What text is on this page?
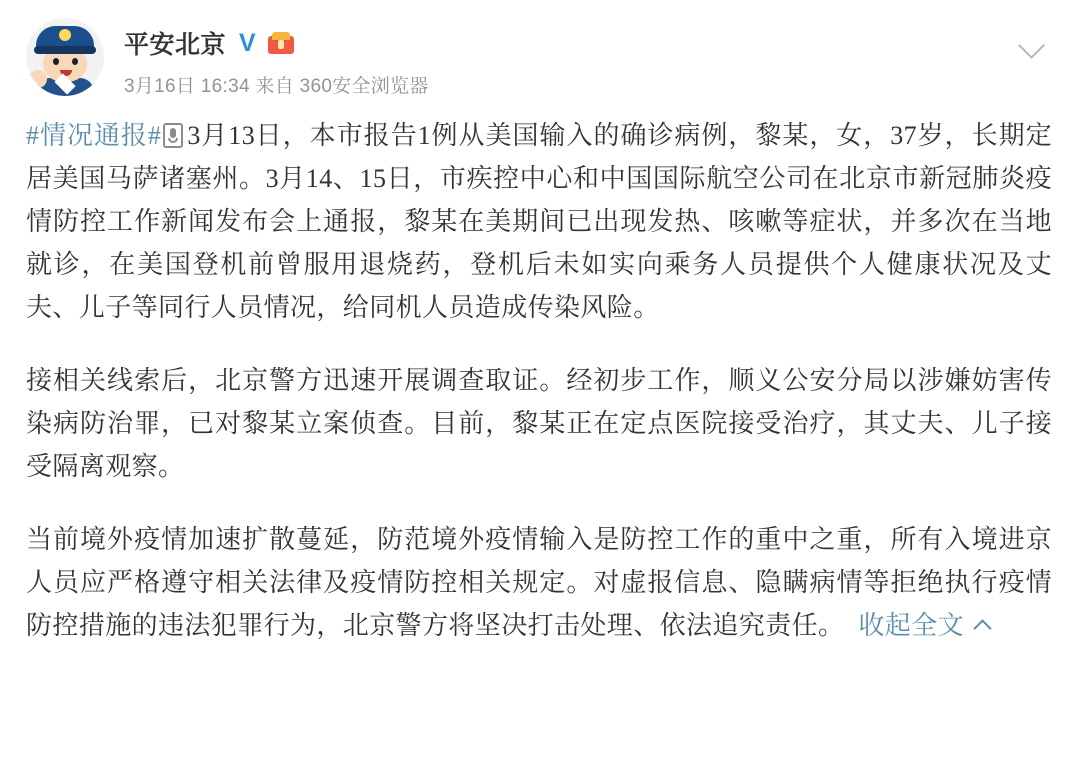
平安北京 V
3月16日 16:34 来自 360安全浏览器

#情况通报# 3月13日，本市报告1例从美国输入的确诊病例，黎某，女，37岁，长期定居美国马萨诸塞州。3月14、15日，市疾控中心和中国国际航空公司在北京市新冠肺炎疫情防控工作新闻发布会上通报，黎某在美期间已出现发热、咳嗽等症状，并多次在当地就诊，在美国登机前曾服用退烧药，登机后未如实向乘务人员提供个人健康状况及丈夫、儿子等同行人员情况，给同机人员造成传染风险。

接相关线索后，北京警方迅速开展调查取证。经初步工作，顺义公安分局以涉嫌妨害传染病防治罪，已对黎某立案侦查。目前，黎某正在定点医院接受治疗，其丈夫、儿子接受隔离观察。

当前境外疫情加速扩散蔓延，防范境外疫情输入是防控工作的重中之重，所有入境进京人员应严格遵守相关法律及疫情防控相关规定。对虚报信息、隐瞒病情等拒绝执行疫情防控措施的违法犯罪行为，北京警方将坚决打击处理、依法追究责任。 收起全文
